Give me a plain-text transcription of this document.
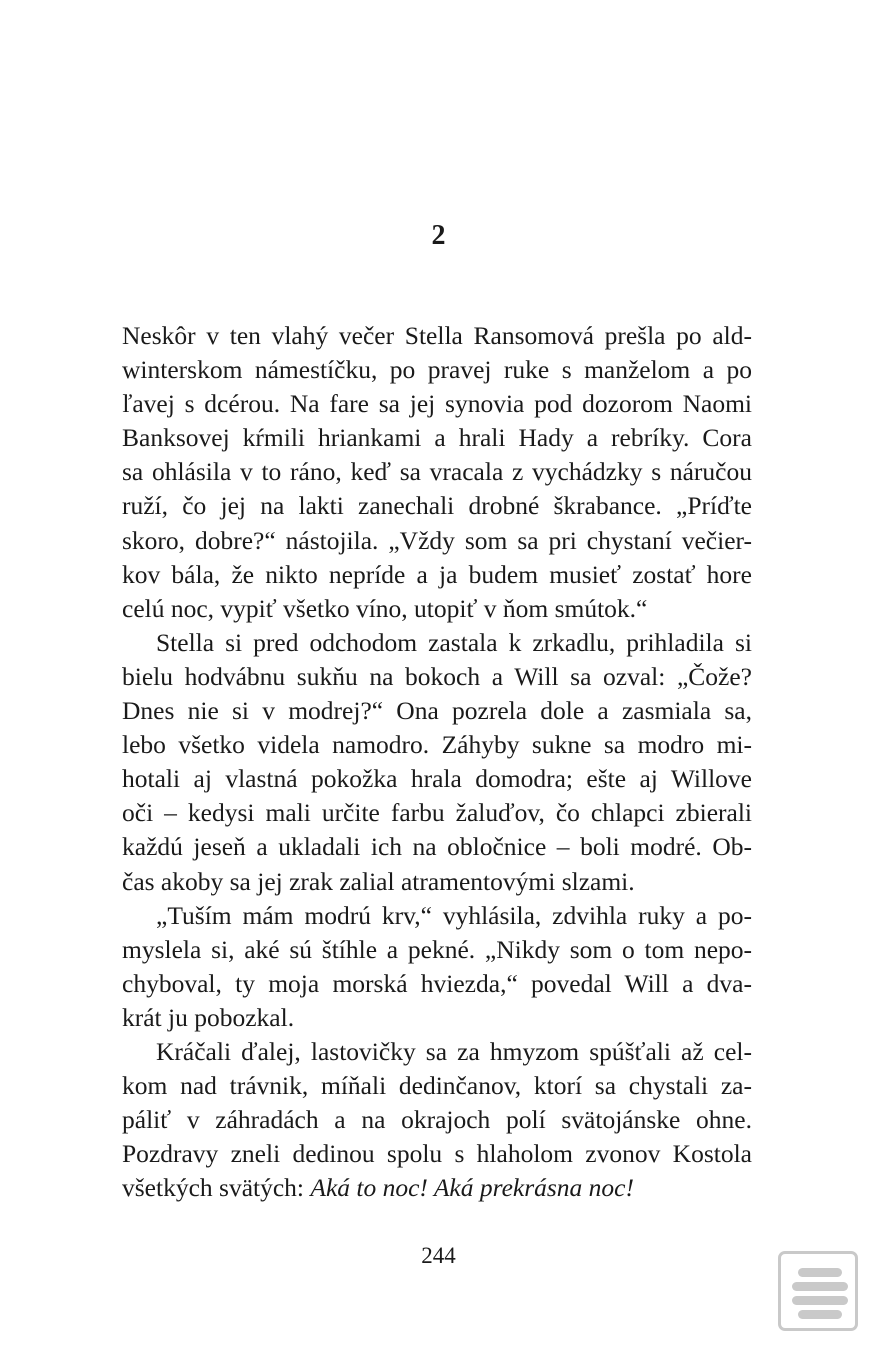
2
Neskôr v ten vlahý večer Stella Ransomová prešla po ald-
winterskom námestíčku, po pravej ruke s manželom a po
ľavej s dcérou. Na fare sa jej synovia pod dozorom Naomi
Banksovej kŕmili hriankami a hrali Hady a rebríky. Cora
sa ohlásila v to ráno, keď sa vracala z vychádzky s náručou
ruží, čo jej na lakti zanechali drobné škrabance. „Príďte
skoro, dobre?“ nástojila. „Vždy som sa pri chystaní večier-
kov bála, že nikto nepríde a ja budem musieť zostať hore
celú noc, vypiť všetko víno, utopiť v ňom smútok.“
Stella si pred odchodom zastala k zrkadlu, prihladila si
bielu hodvábnu sukňu na bokoch a Will sa ozval: „Čože?
Dnes nie si v modrej?“ Ona pozrela dole a zasmiala sa,
lebo všetko videla namodro. Záhyby sukne sa modro mi-
hotali aj vlastná pokožka hrala domodra; ešte aj Willove
oči – kedysi mali určite farbu žaluďov, čo chlapci zbierali
každú jeseň a ukladali ich na obločnice – boli modré. Ob-
čas akoby sa jej zrak zalial atramentovými slzami.
„Tuším mám modrú krv,“ vyhlásila, zdvihla ruky a po-
myslela si, aké sú štíhle a pekné. „Nikdy som o tom nepo-
chyboval, ty moja morská hviezda,“ povedal Will a dva-
krát ju pobozkal.
Kráčali ďalej, lastovičky sa za hmyzom spúšťali až cel-
kom nad trávnik, míňali dedinčanov, ktorí sa chystali za-
páliť v záhradách a na okrajoch polí svätojánske ohne.
Pozdravy zneli dedinou spolu s hlaholom zvonov Kostola
všetkých svätých: Aká to noc! Aká prekrásna noc!
244
